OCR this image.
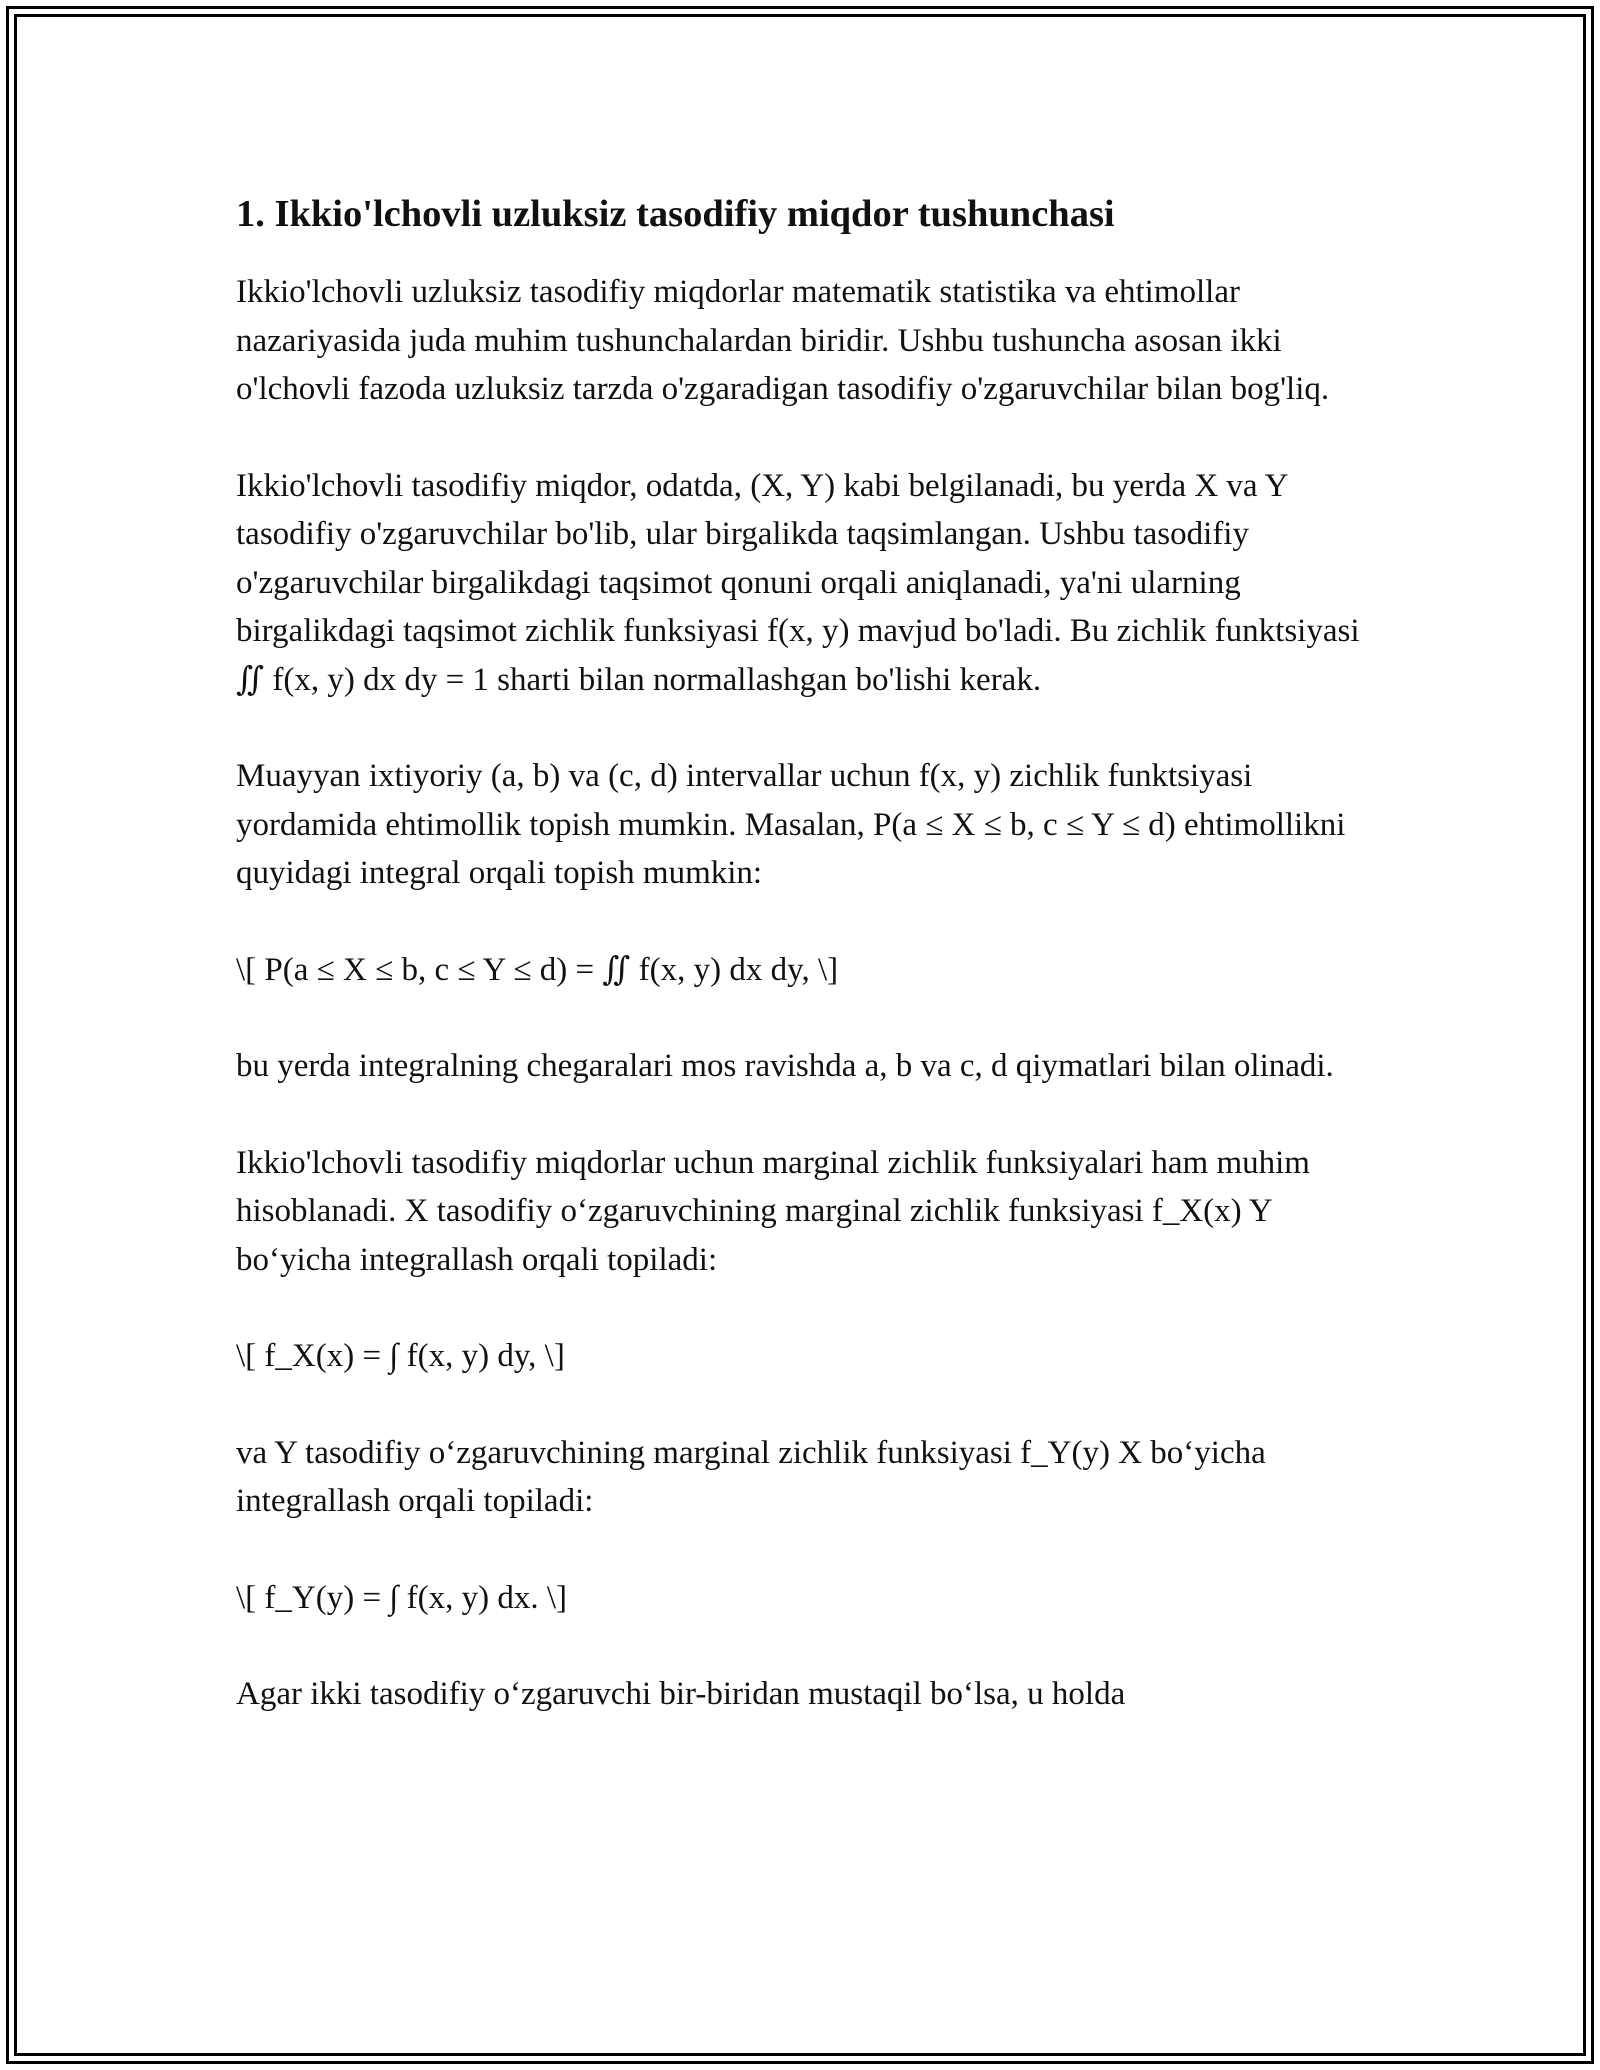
1. Ikkio'lchovli uzluksiz tasodifiy miqdor tushunchasi

Ikkio'lchovli uzluksiz tasodifiy miqdorlar matematik statistika va ehtimollar nazariyasida juda muhim tushunchalardan biridir. Ushbu tushuncha asosan ikki o'lchovli fazoda uzluksiz tarzda o'zgaradigan tasodifiy o'zgaruvchilar bilan bog'liq.

Ikkio'lchovli tasodifiy miqdor, odatda, (X, Y) kabi belgilanadi, bu yerda X va Y tasodifiy o'zgaruvchilar bo'lib, ular birgalikda taqsimlangan. Ushbu tasodifiy o'zgaruvchilar birgalikdagi taqsimot qonuni orqali aniqlanadi, ya'ni ularning birgalikdagi taqsimot zichlik funksiyasi f(x, y) mavjud bo'ladi. Bu zichlik funktsiyasi ∬ f(x, y) dx dy = 1 sharti bilan normallashgan bo'lishi kerak.

Muayyan ixtiyoriy (a, b) va (c, d) intervallar uchun f(x, y) zichlik funktsiyasi yordamida ehtimollik topish mumkin. Masalan, P(a ≤ X ≤ b, c ≤ Y ≤ d) ehtimollikni quyidagi integral orqali topish mumkin:

\[ P(a ≤ X ≤ b, c ≤ Y ≤ d) = ∬ f(x, y) dx dy, \]

bu yerda integralning chegaralari mos ravishda a, b va c, d qiymatlari bilan olinadi.

Ikkio'lchovli tasodifiy miqdorlar uchun marginal zichlik funksiyalari ham muhim hisoblanadi. X tasodifiy o‘zgaruvchining marginal zichlik funksiyasi f_X(x) Y bo‘yicha integrallash orqali topiladi:

\[ f_X(x) = ∫ f(x, y) dy, \]

va Y tasodifiy o‘zgaruvchining marginal zichlik funksiyasi f_Y(y) X bo‘yicha integrallash orqali topiladi:

\[ f_Y(y) = ∫ f(x, y) dx. \]

Agar ikki tasodifiy o‘zgaruvchi bir-biridan mustaqil bo‘lsa, u holda
